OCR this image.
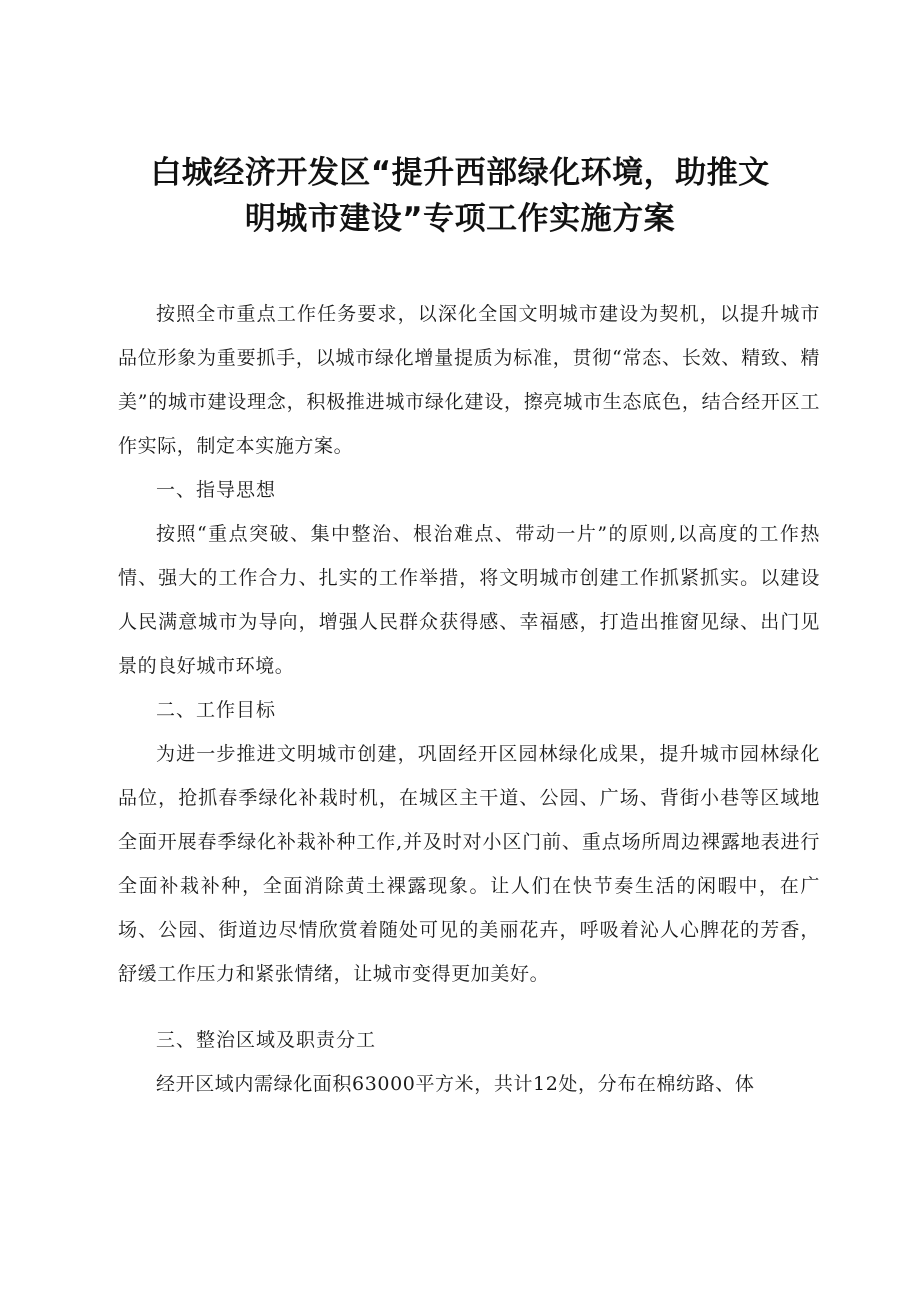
白城经济开发区“提升西部绿化环境，助推文
明城市建设”专项工作实施方案

按照全市重点工作任务要求，以深化全国文明城市建设为契机，以提升城市品位形象为重要抓手，以城市绿化增量提质为标准，贯彻“常态、长效、精致、精美”的城市建设理念，积极推进城市绿化建设，擦亮城市生态底色，结合经开区工作实际，制定本实施方案。

一、指导思想

按照“重点突破、集中整治、根治难点、带动一片”的原则,以高度的工作热情、强大的工作合力、扎实的工作举措，将文明城市创建工作抓紧抓实。以建设人民满意城市为导向，增强人民群众获得感、幸福感，打造出推窗见绿、出门见景的良好城市环境。

二、工作目标

为进一步推进文明城市创建，巩固经开区园林绿化成果，提升城市园林绿化品位，抢抓春季绿化补栽时机，在城区主干道、公园、广场、背街小巷等区域地全面开展春季绿化补栽补种工作,并及时对小区门前、重点场所周边裸露地表进行全面补栽补种，全面消除黄土裸露现象。让人们在快节奏生活的闲暇中，在广场、公园、街道边尽情欣赏着随处可见的美丽花卉，呼吸着沁人心脾花的芳香，舒缓工作压力和紧张情绪，让城市变得更加美好。

三、整治区域及职责分工

经开区域内需绿化面积63000平方米，共计12处，分布在棉纺路、体
